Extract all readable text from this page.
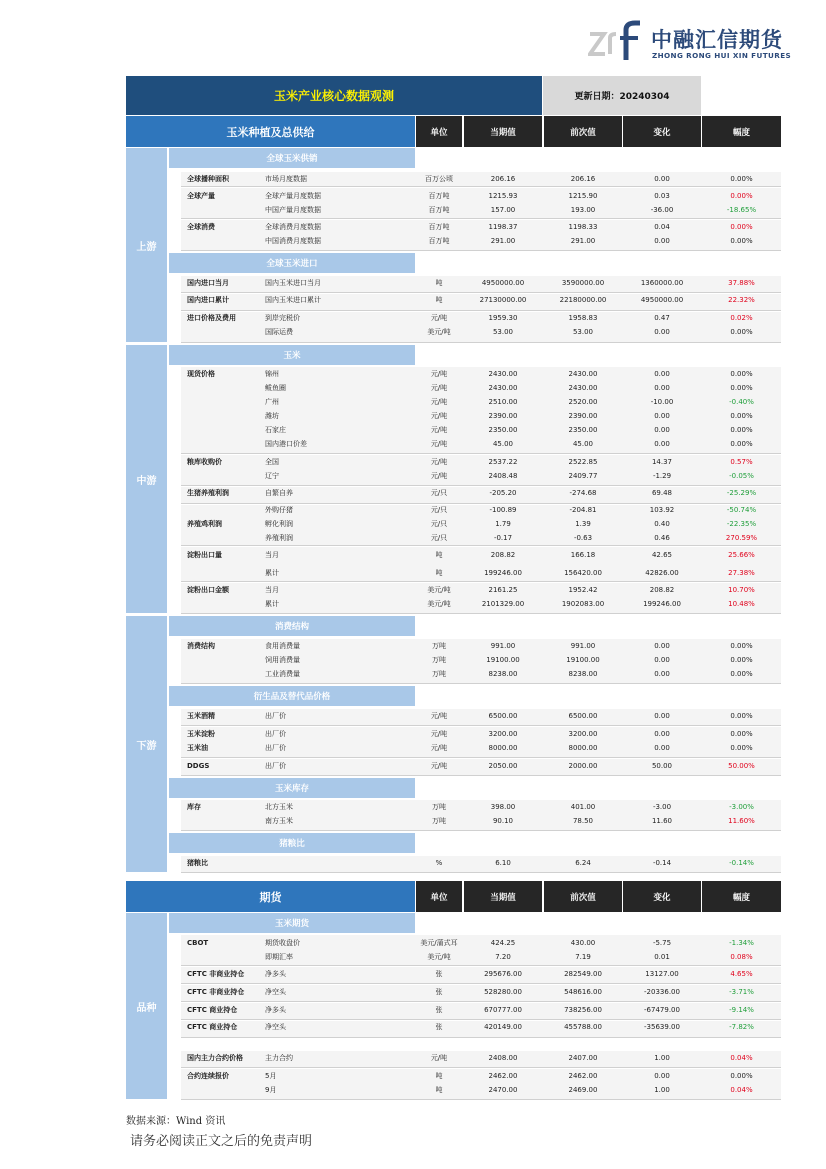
中融汇信期货
ZHONG RONG HUI XIN FUTURES
玉米产业核心数据观测	更新日期：20240304
玉米种植及总供给	单位	当期值	前次值	变化	幅度
期货	单位	当期值	前次值	变化	幅度
上游
中游
下游
品种
全球玉米供销
全球玉米进口
玉米
消费结构
衍生品及替代品价格
玉米库存
猪粮比
玉米期货
全球播种面积	市场月度数据	百万公顷	206.16	206.16	0.00	0.00%
全球产量	全球产量月度数据	百万吨	1215.93	1215.90	0.03	0.00%
中国产量月度数据	百万吨	157.00	193.00	-36.00	-18.65%
全球消费	全球消费月度数据	百万吨	1198.37	1198.33	0.04	0.00%
中国消费月度数据	百万吨	291.00	291.00	0.00	0.00%
国内进口当月	国内玉米进口当月	吨	4950000.00	3590000.00	1360000.00	37.88%
国内进口累计	国内玉米进口累计	吨	27130000.00	22180000.00	4950000.00	22.32%
进口价格及费用	到岸完税价	元/吨	1959.30	1958.83	0.47	0.02%
国际运费	美元/吨	53.00	53.00	0.00	0.00%
现货价格	锦州	元/吨	2430.00	2430.00	0.00	0.00%
鲅鱼圈	元/吨	2430.00	2430.00	0.00	0.00%
广州	元/吨	2510.00	2520.00	-10.00	-0.40%
潍坊	元/吨	2390.00	2390.00	0.00	0.00%
石家庄	元/吨	2350.00	2350.00	0.00	0.00%
国内港口价差	元/吨	45.00	45.00	0.00	0.00%
粮库收购价	全国	元/吨	2537.22	2522.85	14.37	0.57%
辽宁	元/吨	2408.48	2409.77	-1.29	-0.05%
生猪养殖利润	自繁自养	元/只	-205.20	-274.68	69.48	-25.29%
外购仔猪	元/只	-100.89	-204.81	103.92	-50.74%
养殖鸡利润	孵化利润	元/只	1.79	1.39	0.40	-22.35%
养殖利润	元/只	-0.17	-0.63	0.46	270.59%
淀粉出口量	当月	吨	208.82	166.18	42.65	25.66%
累计	吨	199246.00	156420.00	42826.00	27.38%
淀粉出口金额	当月	美元/吨	2161.25	1952.42	208.82	10.70%
累计	美元/吨	2101329.00	1902083.00	199246.00	10.48%
消费结构	食用消费量	万吨	991.00	991.00	0.00	0.00%
饲用消费量	万吨	19100.00	19100.00	0.00	0.00%
工业消费量	万吨	8238.00	8238.00	0.00	0.00%
玉米酒精	出厂价	元/吨	6500.00	6500.00	0.00	0.00%
玉米淀粉	出厂价	元/吨	3200.00	3200.00	0.00	0.00%
玉米油	出厂价	元/吨	8000.00	8000.00	0.00	0.00%
DDGS	出厂价	元/吨	2050.00	2000.00	50.00	50.00%
库存	北方玉米	万吨	398.00	401.00	-3.00	-3.00%
南方玉米	万吨	90.10	78.50	11.60	11.60%
猪粮比	%	6.10	6.24	-0.14	-0.14%
CBOT	期货收盘价	美元/蒲式耳	424.25	430.00	-5.75	-1.34%
即期汇率	美元/吨	7.20	7.19	0.01	0.08%
CFTC 非商业持仓	净多头	张	295676.00	282549.00	13127.00	4.65%
CFTC 非商业持仓	净空头	张	528280.00	548616.00	-20336.00	-3.71%
CFTC 商业持仓	净多头	张	670777.00	738256.00	-67479.00	-9.14%
CFTC 商业持仓	净空头	张	420149.00	455788.00	-35639.00	-7.82%
国内主力合约价格	主力合约	元/吨	2408.00	2407.00	1.00	0.04%
合约连续报价	5月	吨	2462.00	2462.00	0.00	0.00%
9月	吨	2470.00	2469.00	1.00	0.04%
数据来源：Wind 资讯
请务必阅读正文之后的免责声明
